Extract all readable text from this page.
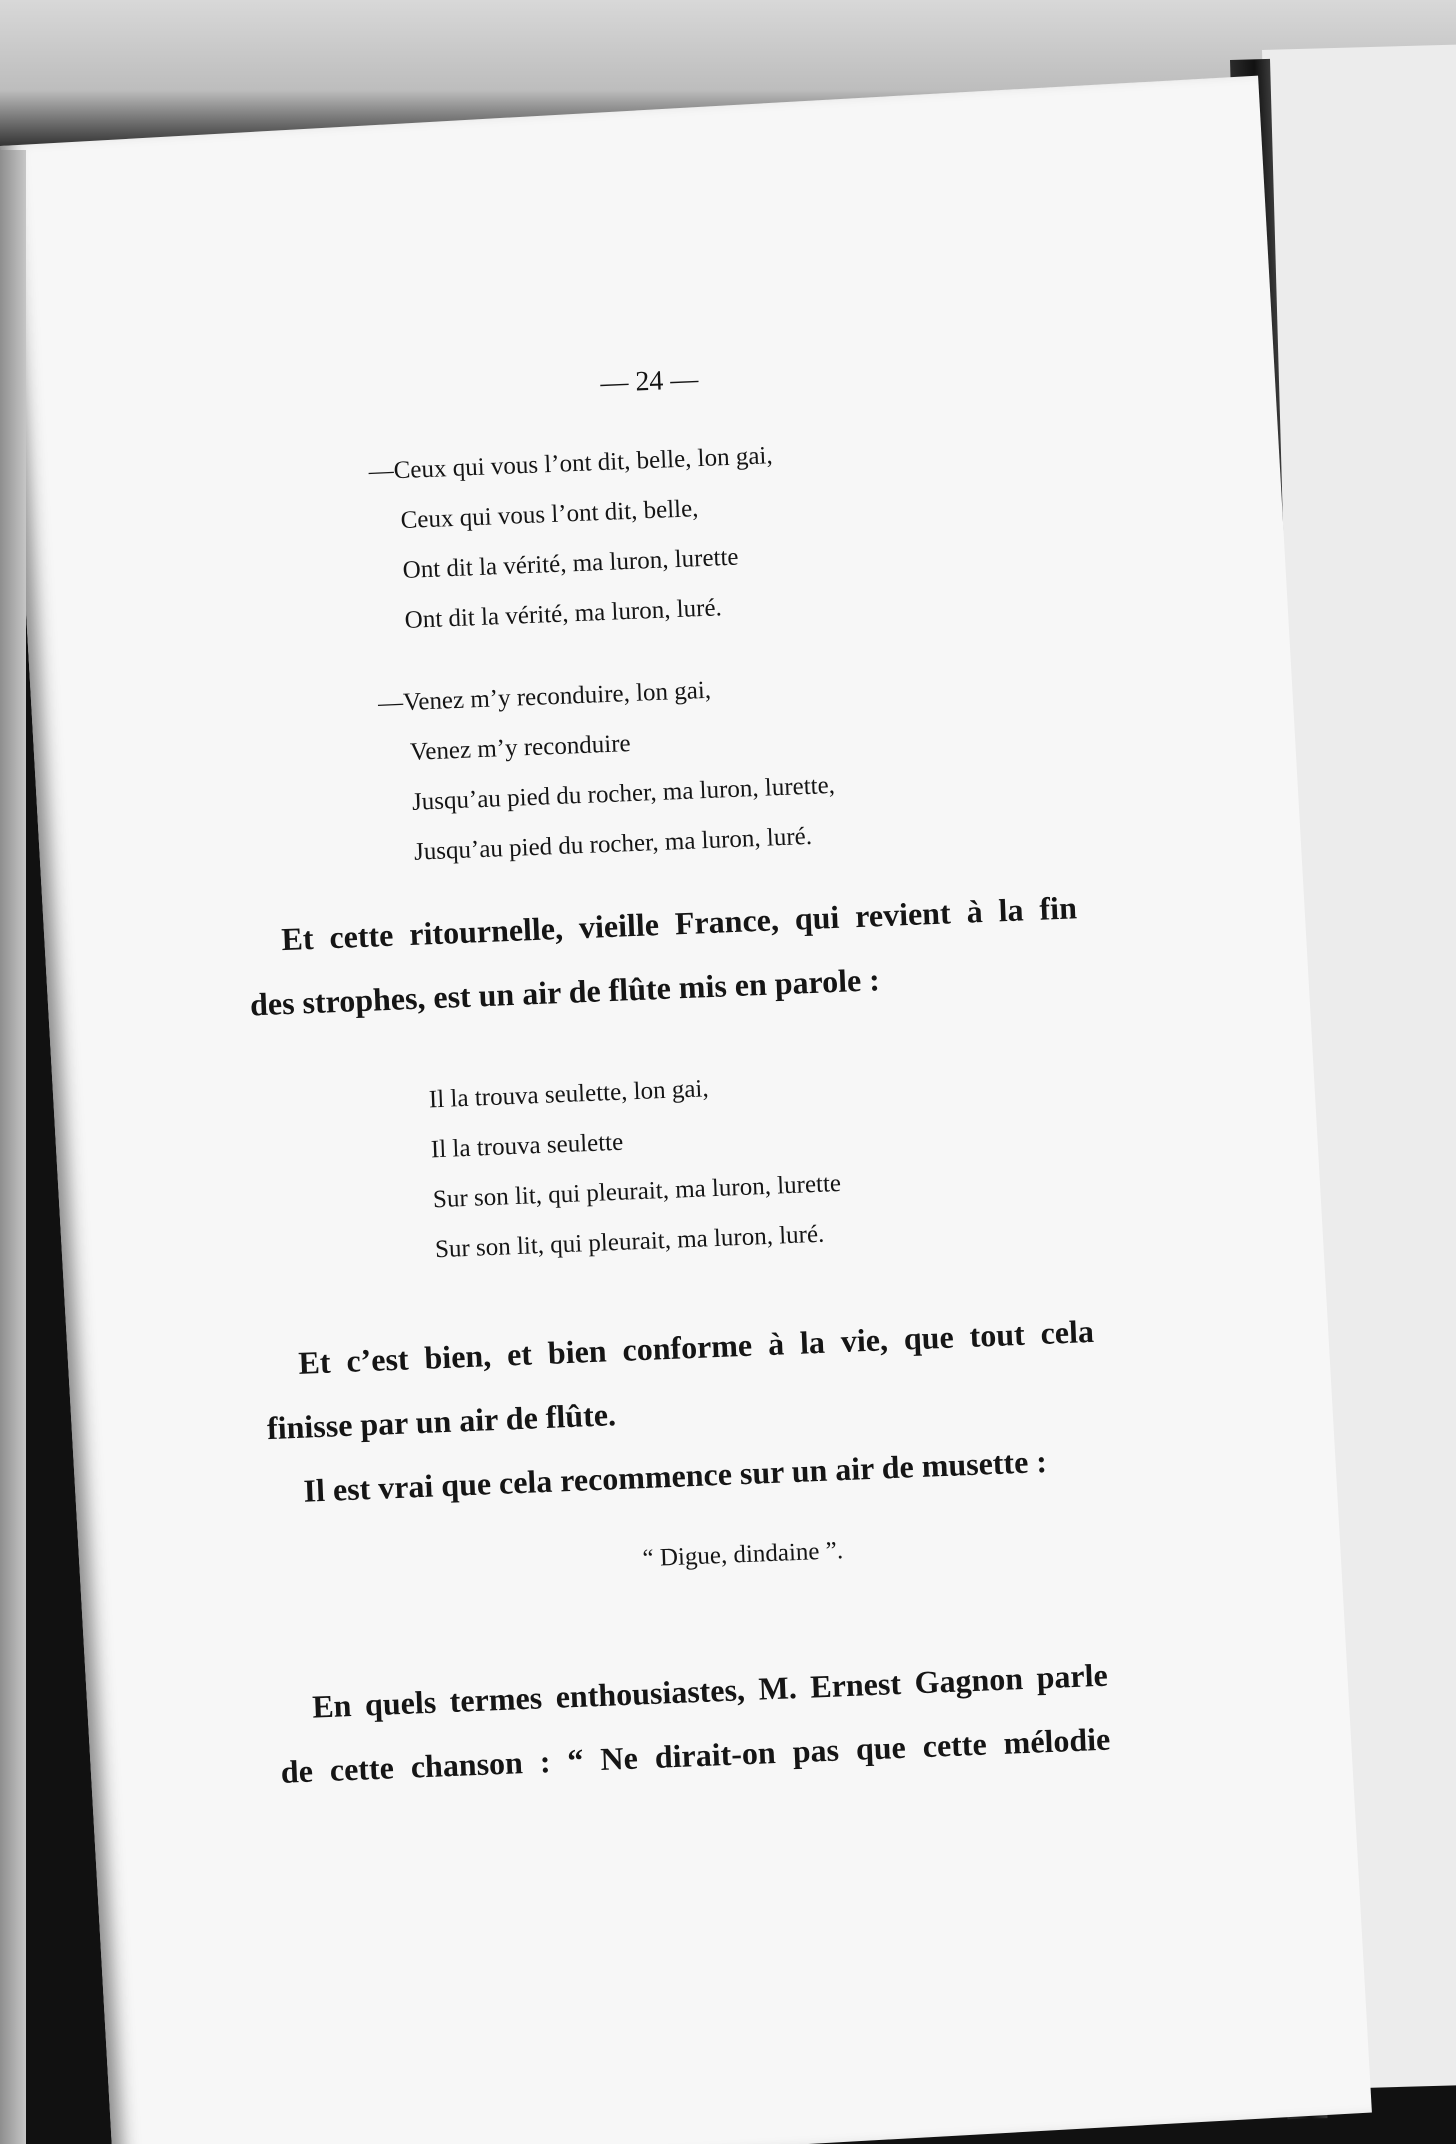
— 24 —
—Ceux qui vous l’ont dit, belle, lon gai,
Ceux qui vous l’ont dit, belle,
Ont dit la vérité, ma luron, lurette
Ont dit la vérité, ma luron, luré.
—Venez m’y reconduire, lon gai,
Venez m’y reconduire
Jusqu’au pied du rocher, ma luron, lurette,
Jusqu’au pied du rocher, ma luron, luré.
Et cette ritournelle, vieille France, qui revient à la fin
des strophes, est un air de flûte mis en parole :
Il la trouva seulette, lon gai,
Il la trouva seulette
Sur son lit, qui pleurait, ma luron, lurette
Sur son lit, qui pleurait, ma luron, luré.
Et c’est bien, et bien conforme à la vie, que tout cela
finisse par un air de flûte.
Il est vrai que cela recommence sur un air de musette :
“ Digue, dindaine ”.
En quels termes enthousiastes, M. Ernest Gagnon parle
de cette chanson : “ Ne dirait-on pas que cette mélodie
